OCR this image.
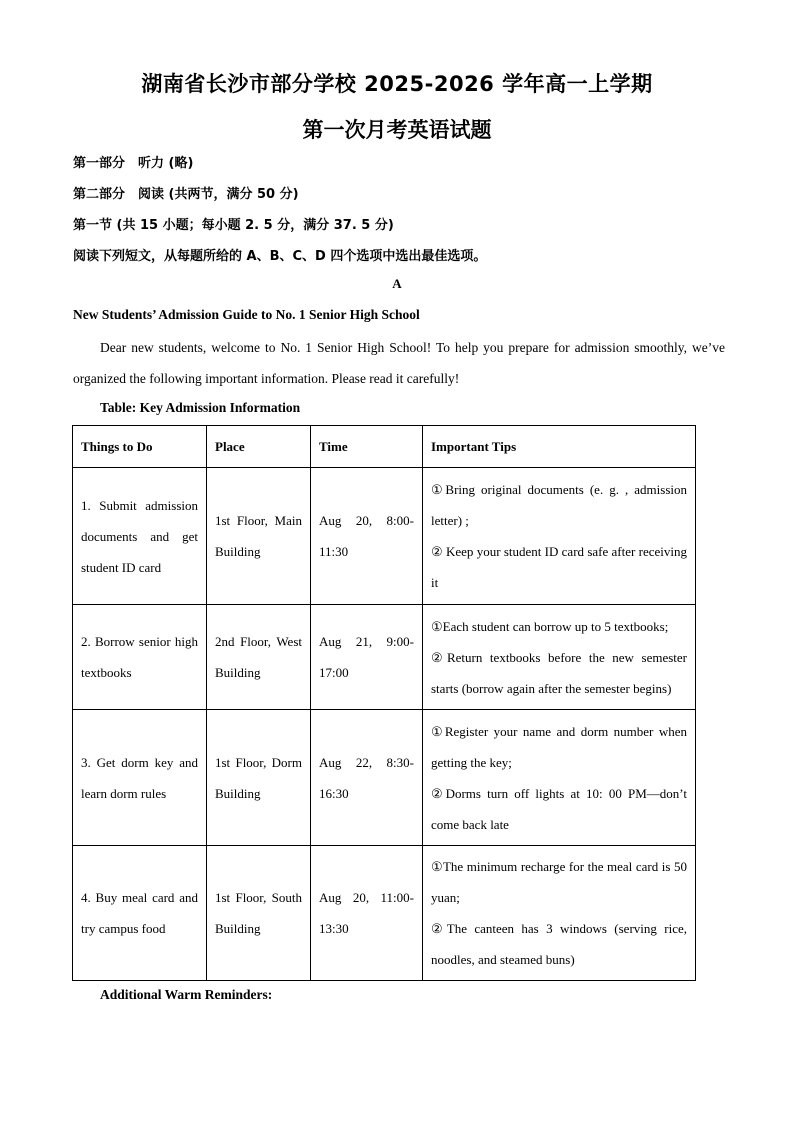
湖南省长沙市部分学校 2025-2026 学年高一上学期
第一次月考英语试题
第一部分　听力 (略)
第二部分　阅读 (共两节，满分 50 分)
第一节 (共 15 小题；每小题 2. 5 分，满分 37. 5 分)
阅读下列短文，从每题所给的 A、B、C、D 四个选项中选出最佳选项。
A
New Students’ Admission Guide to No. 1 Senior High School
Dear new students, welcome to No. 1 Senior High School! To help you prepare for admission smoothly, we’ve organized the following important information. Please read it carefully!
Table: Key Admission Information
Things to Do	Place	Time	Important Tips
1. Submit admission documents and get student ID card	1st Floor, Main Building	Aug 20, 8:00-11:30	①Bring original documents (e. g. , admission letter) ;
② Keep your student ID card safe after receiving it

2. Borrow senior high textbooks	2nd Floor, West Building	Aug 21, 9:00-17:00	①Each student can borrow up to 5 textbooks;
②Return textbooks before the new semester starts (borrow again after the semester begins)

3. Get dorm key and learn dorm rules	1st Floor, Dorm Building	Aug 22, 8:30-16:30	①Register your name and dorm number when getting the key;
②Dorms turn off lights at 10: 00 PM—don’t come back late

4. Buy meal card and try campus food	1st Floor, South Building	Aug 20, 11:00-13:30	①The minimum recharge for the meal card is 50 yuan;
②The canteen has 3 windows (serving rice, noodles, and steamed buns)
Additional Warm Reminders:
